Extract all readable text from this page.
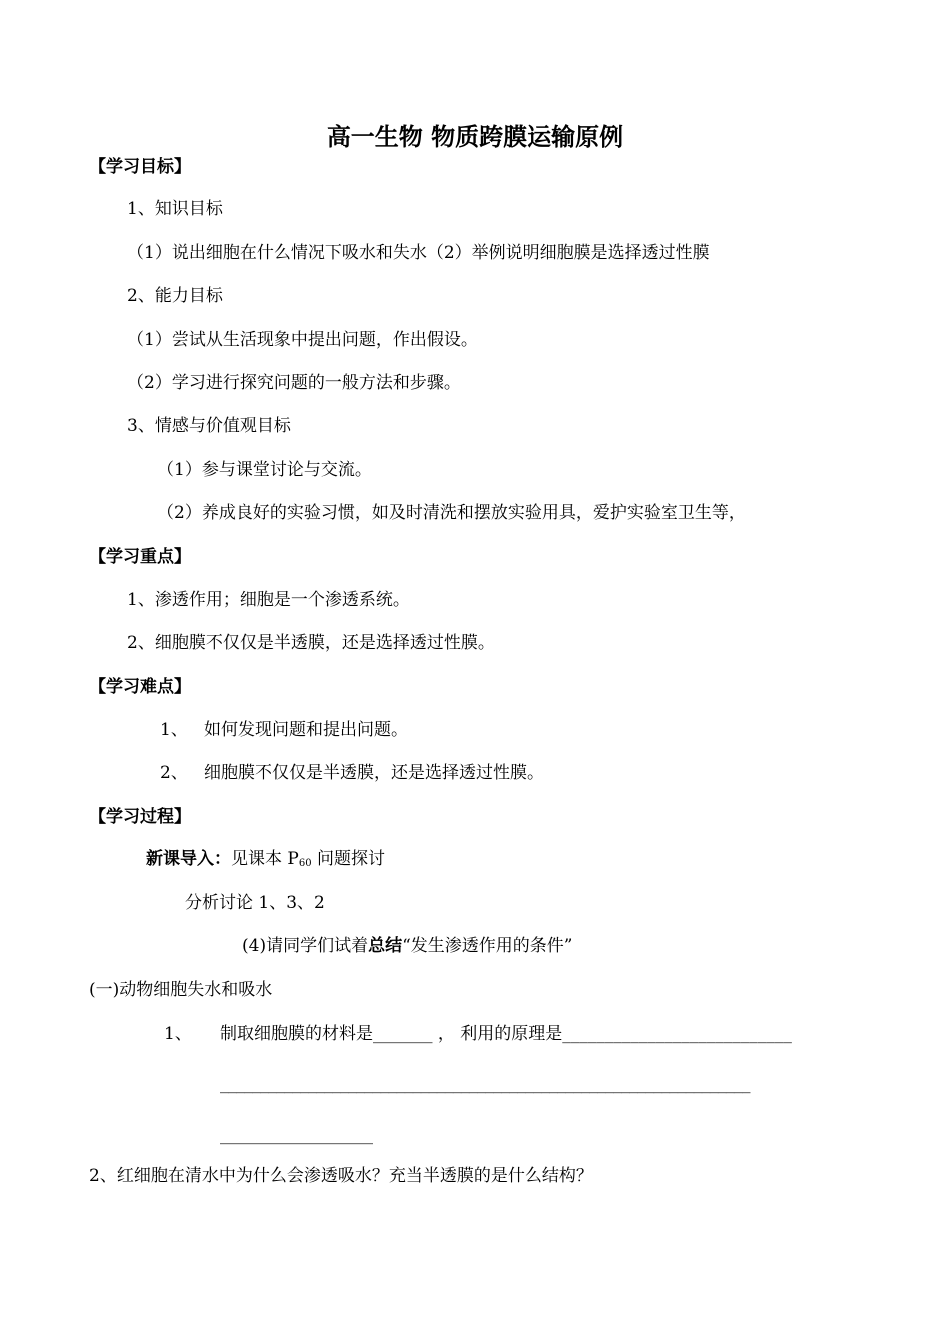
高一生物 物质跨膜运输原例
【学习目标】
1、知识目标
（1）说出细胞在什么情况下吸水和失水（2）举例说明细胞膜是选择透过性膜
2、能力目标
（1）尝试从生活现象中提出问题，作出假设。
（2）学习进行探究问题的一般方法和步骤。
3、情感与价值观目标
（1）参与课堂讨论与交流。
（2）养成良好的实验习惯，如及时清洗和摆放实验用具，爱护实验室卫生等，
【学习重点】
1、渗透作用；细胞是一个渗透系统。
2、细胞膜不仅仅是半透膜，还是选择透过性膜。
【学习难点】
1、 如何发现问题和提出问题。
2、 细胞膜不仅仅是半透膜，还是选择透过性膜。
【学习过程】
新课导入：见课本 $P_{60}$ 问题探讨
分析讨论 1、3、2
(4)请同学们试着总结“发生渗透作用的条件”
(一)动物细胞失水和吸水
1、 制取细胞膜的材料是_______ ， 利用的原理是___________________________
__________________________________________________________________
__________________
2、红细胞在清水中为什么会渗透吸水？充当半透膜的是什么结构？
